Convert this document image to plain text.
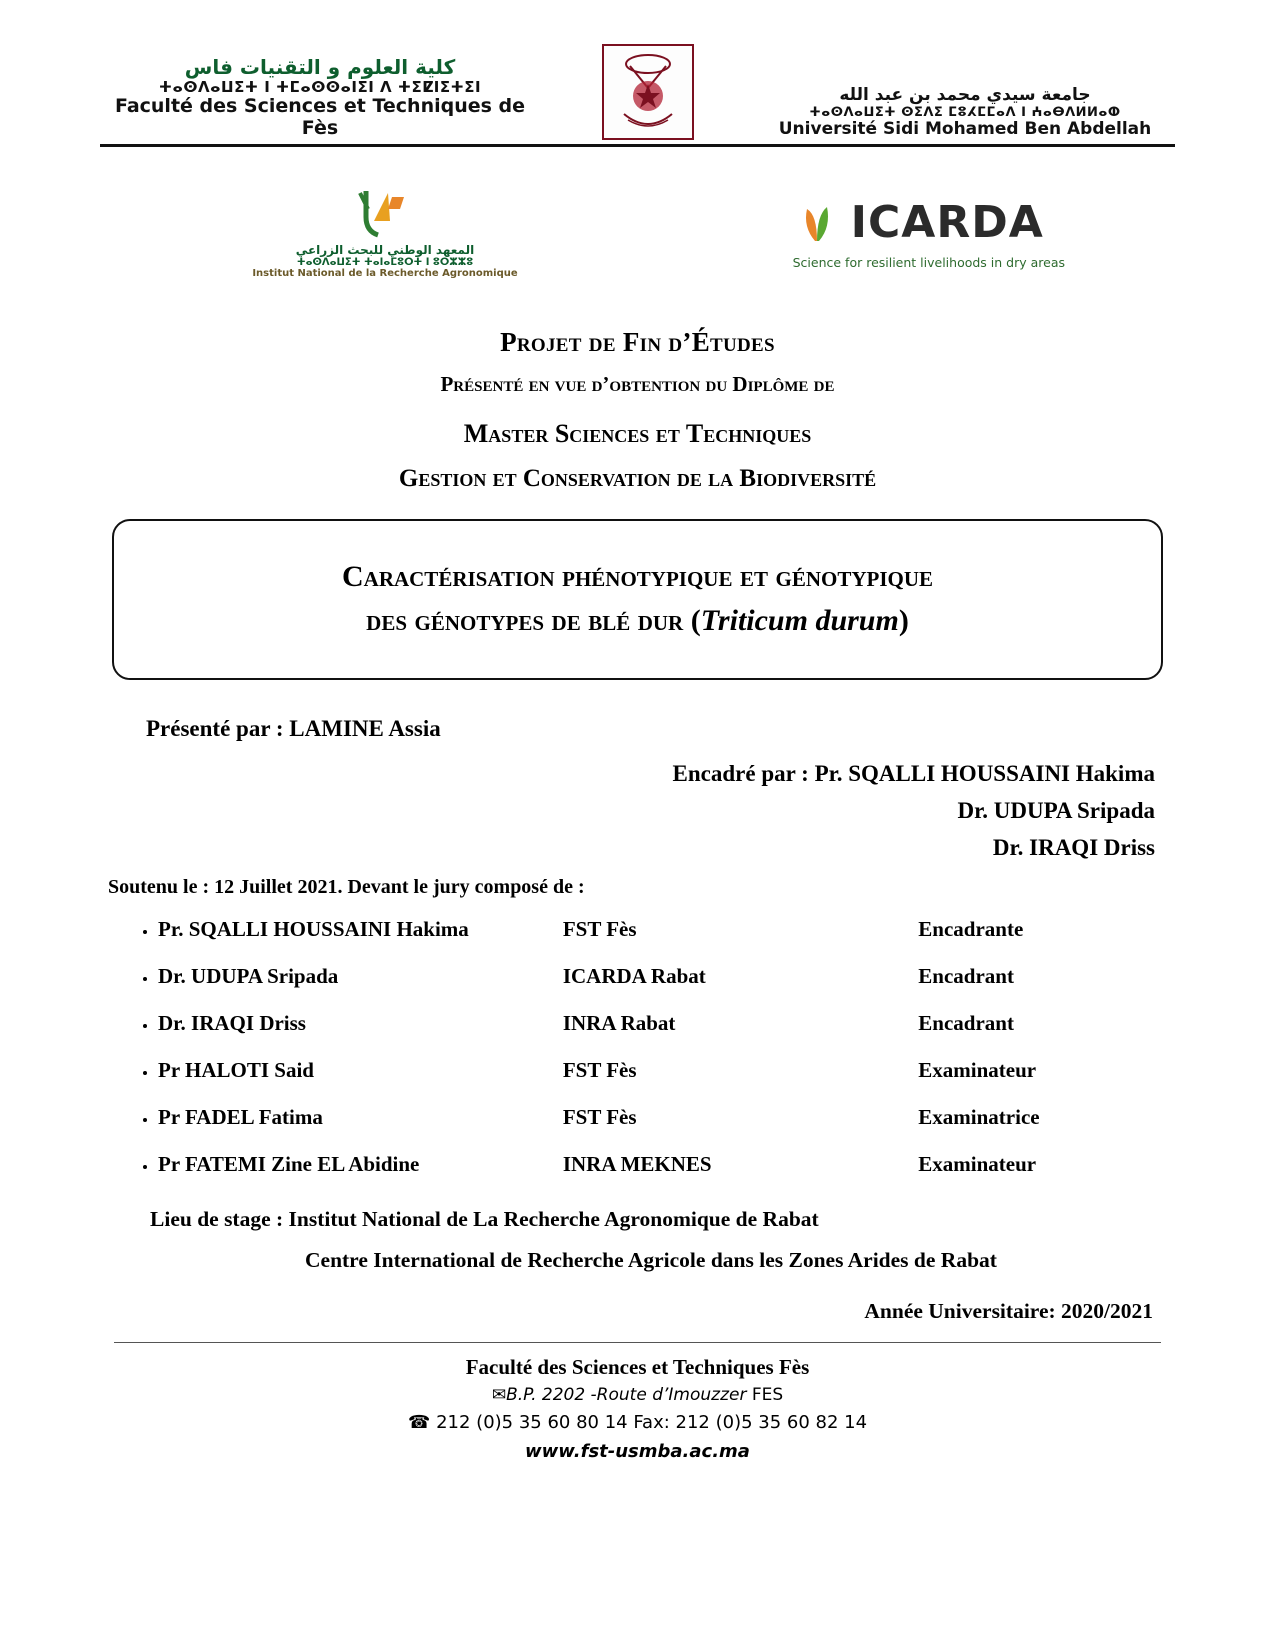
كلية العلوم و التقنيات فاس
ⵜⴰⵙⴷⴰⵡⵉⵜ ⵏ ⵜⵎⴰⵙⵙⴰⵏⵉⵏ ⴷ ⵜⵉⵇⵏⵉⵜⵉⵏ
Faculté des Sciences et Techniques de Fès
جامعة سيدي محمد بن عبد الله
ⵜⴰⵙⴷⴰⵡⵉⵜ ⵙⵉⴷⵉ ⵎⵓⵃⵎⵎⴰⴷ ⵏ ⵄⴰⴱⴷⵍⵍⴰⵀ
Université Sidi Mohamed Ben Abdellah
المعهد الوطني للبحث الزراعي
ⵜⴰⵙⴷⴰⵡⵉⵜ ⵜⴰⵏⴰⵎⵓⵔⵜ ⵏ ⵓⵔⵣⵣⵓ
Institut National de la Recherche Agronomique
ICARDA
Science for resilient livelihoods in dry areas
Projet de Fin d’Études
Présenté en vue d’obtention du Diplôme de
Master Sciences et Techniques
Gestion et Conservation de la Biodiversité
Caractérisation phénotypique et génotypique
des génotypes de blé dur (Triticum durum)
Présenté par : LAMINE Assia
Encadré par : Pr. SQALLI HOUSSAINI Hakima
Dr. UDUPA Sripada
Dr. IRAQI Driss
Soutenu le : 12 Juillet 2021. Devant le jury composé de :
• Pr. SQALLI HOUSSAINI Hakima	FST Fès	Encadrante
• Dr. UDUPA Sripada	ICARDA Rabat	Encadrant
• Dr. IRAQI Driss	INRA Rabat	Encadrant
• Pr HALOTI Said	FST Fès	Examinateur
• Pr FADEL Fatima	FST Fès	Examinatrice
• Pr FATEMI Zine EL Abidine	INRA MEKNES	Examinateur
Lieu de stage : Institut National de La Recherche Agronomique de Rabat
Centre International de Recherche Agricole dans les Zones Arides de Rabat
Année Universitaire: 2020/2021
Faculté des Sciences et Techniques Fès
✉B.P. 2202 -Route d’Imouzzer FES
☎ 212 (0)5 35 60 80 14 Fax: 212 (0)5 35 60 82 14
www.fst-usmba.ac.ma
